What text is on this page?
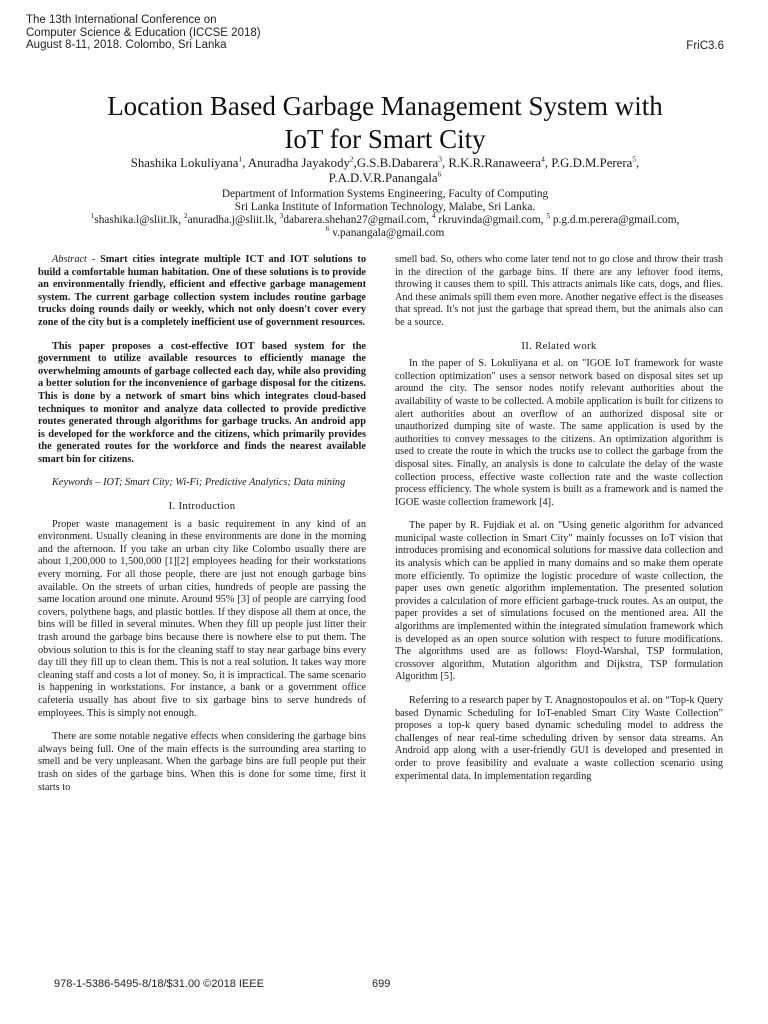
The 13th International Conference on
Computer Science & Education (ICCSE 2018)
August 8-11, 2018. Colombo, Sri Lanka	FriC3.6
Location Based Garbage Management System with
IoT for Smart City
Shashika Lokuliyana$^1$, Anuradha Jayakody$^2$,G.S.B.Dabarera$^3$, R.K.R.Ranaweera$^4$, P.G.D.M.Perera$^5$,
P.A.D.V.R.Panangala$^6$
Department of Information Systems Engineering, Faculty of Computing
Sri Lanka Institute of Information Technology, Malabe, Sri Lanka.
$^1$shashika.l@sliit.lk, $^2$anuradha.j@sliit.lk, $^3$dabarera.shehan27@gmail.com, $^4$ rkruvinda@gmail.com, $^5$ p.g.d.m.perera@gmail.com,
$^6$ v.panangala@gmail.com

Abstract - Smart cities integrate multiple ICT and IOT solutions to build a comfortable human habitation. One of these solutions is to provide an environmentally friendly, efficient and effective garbage management system. The current garbage collection system includes routine garbage trucks doing rounds daily or weekly, which not only doesn't cover every zone of the city but is a completely inefficient use of government resources.

This paper proposes a cost-effective IOT based system for the government to utilize available resources to efficiently manage the overwhelming amounts of garbage collected each day, while also providing a better solution for the inconvenience of garbage disposal for the citizens. This is done by a network of smart bins which integrates cloud-based techniques to monitor and analyze data collected to provide predictive routes generated through algorithms for garbage trucks. An android app is developed for the workforce and the citizens, which primarily provides the generated routes for the workforce and finds the nearest available smart bin for citizens.

Keywords – IOT; Smart City; Wi-Fi; Predictive Analytics; Data mining

I. Introduction

Proper waste management is a basic requirement in any kind of an environment. Usually cleaning in these environments are done in the morning and the afternoon. If you take an urban city like Colombo usually there are about 1,200,000 to 1,500,000 [1][2] employees heading for their workstations every morning. For all those people, there are just not enough garbage bins available. On the streets of urban cities, hundreds of people are passing the same location around one minute. Around 95% [3] of people are carrying food covers, polythene bags, and plastic bottles. If they dispose all them at once, the bins will be filled in several minutes. When they fill up people just litter their trash around the garbage bins because there is nowhere else to put them. The obvious solution to this is for the cleaning staff to stay near garbage bins every day till they fill up to clean them. This is not a real solution. It takes way more cleaning staff and costs a lot of money. So, it is impractical. The same scenario is happening in workstations. For instance, a bank or a government office cafeteria usually has about five to six garbage bins to serve hundreds of employees. This is simply not enough.

There are some notable negative effects when considering the garbage bins always being full. One of the main effects is the surrounding area starting to smell and be very unpleasant. When the garbage bins are full people put their trash on sides of the garbage bins. When this is done for some time, first it starts to

smell bad. So, others who come later tend not to go close and throw their trash in the direction of the garbage bins. If there are any leftover food items, throwing it causes them to spill. This attracts animals like cats, dogs, and flies. And these animals spill them even more. Another negative effect is the diseases that spread. It's not just the garbage that spread them, but the animals also can be a source.

II. Related work

In the paper of S. Lokuliyana et al. on "IGOE IoT framework for waste collection optimization" uses a sensor network based on disposal sites set up around the city. The sensor nodes notify relevant authorities about the availability of waste to be collected. A mobile application is built for citizens to alert authorities about an overflow of an authorized disposal site or unauthorized dumping site of waste. The same application is used by the authorities to convey messages to the citizens. An optimization algorithm is used to create the route in which the trucks use to collect the garbage from the disposal sites. Finally, an analysis is done to calculate the delay of the waste collection process, effective waste collection rate and the waste collection process efficiency. The whole system is built as a framework and is named the IGOE waste collection framework [4].

The paper by R. Fujdiak et al. on "Using genetic algorithm for advanced municipal waste collection in Smart City" mainly focusses on IoT vision that introduces promising and economical solutions for massive data collection and its analysis which can be applied in many domains and so make them operate more efficiently. To optimize the logistic procedure of waste collection, the paper uses own genetic algorithm implementation. The presented solution provides a calculation of more efficient garbage-truck routes. As an output, the paper provides a set of simulations focused on the mentioned area. All the algorithms are implemented within the integrated simulation framework which is developed as an open source solution with respect to future modifications. The algorithms used are as follows: Floyd-Warshal, TSP formulation, crossover algorithm, Mutation algorithm and Dijkstra, TSP formulation Algorithm [5].

Referring to a research paper by T. Anagnostopoulos et al. on “Top-k Query based Dynamic Scheduling for IoT-enabled Smart City Waste Collection” proposes a top-k query based dynamic scheduling model to address the challenges of near real-time scheduling driven by sensor data streams. An Android app along with a user-friendly GUI is developed and presented in order to prove feasibility and evaluate a waste collection scenario using experimental data. In implementation regarding

978-1-5386-5495-8/18/$31.00 ©2018 IEEE	699
